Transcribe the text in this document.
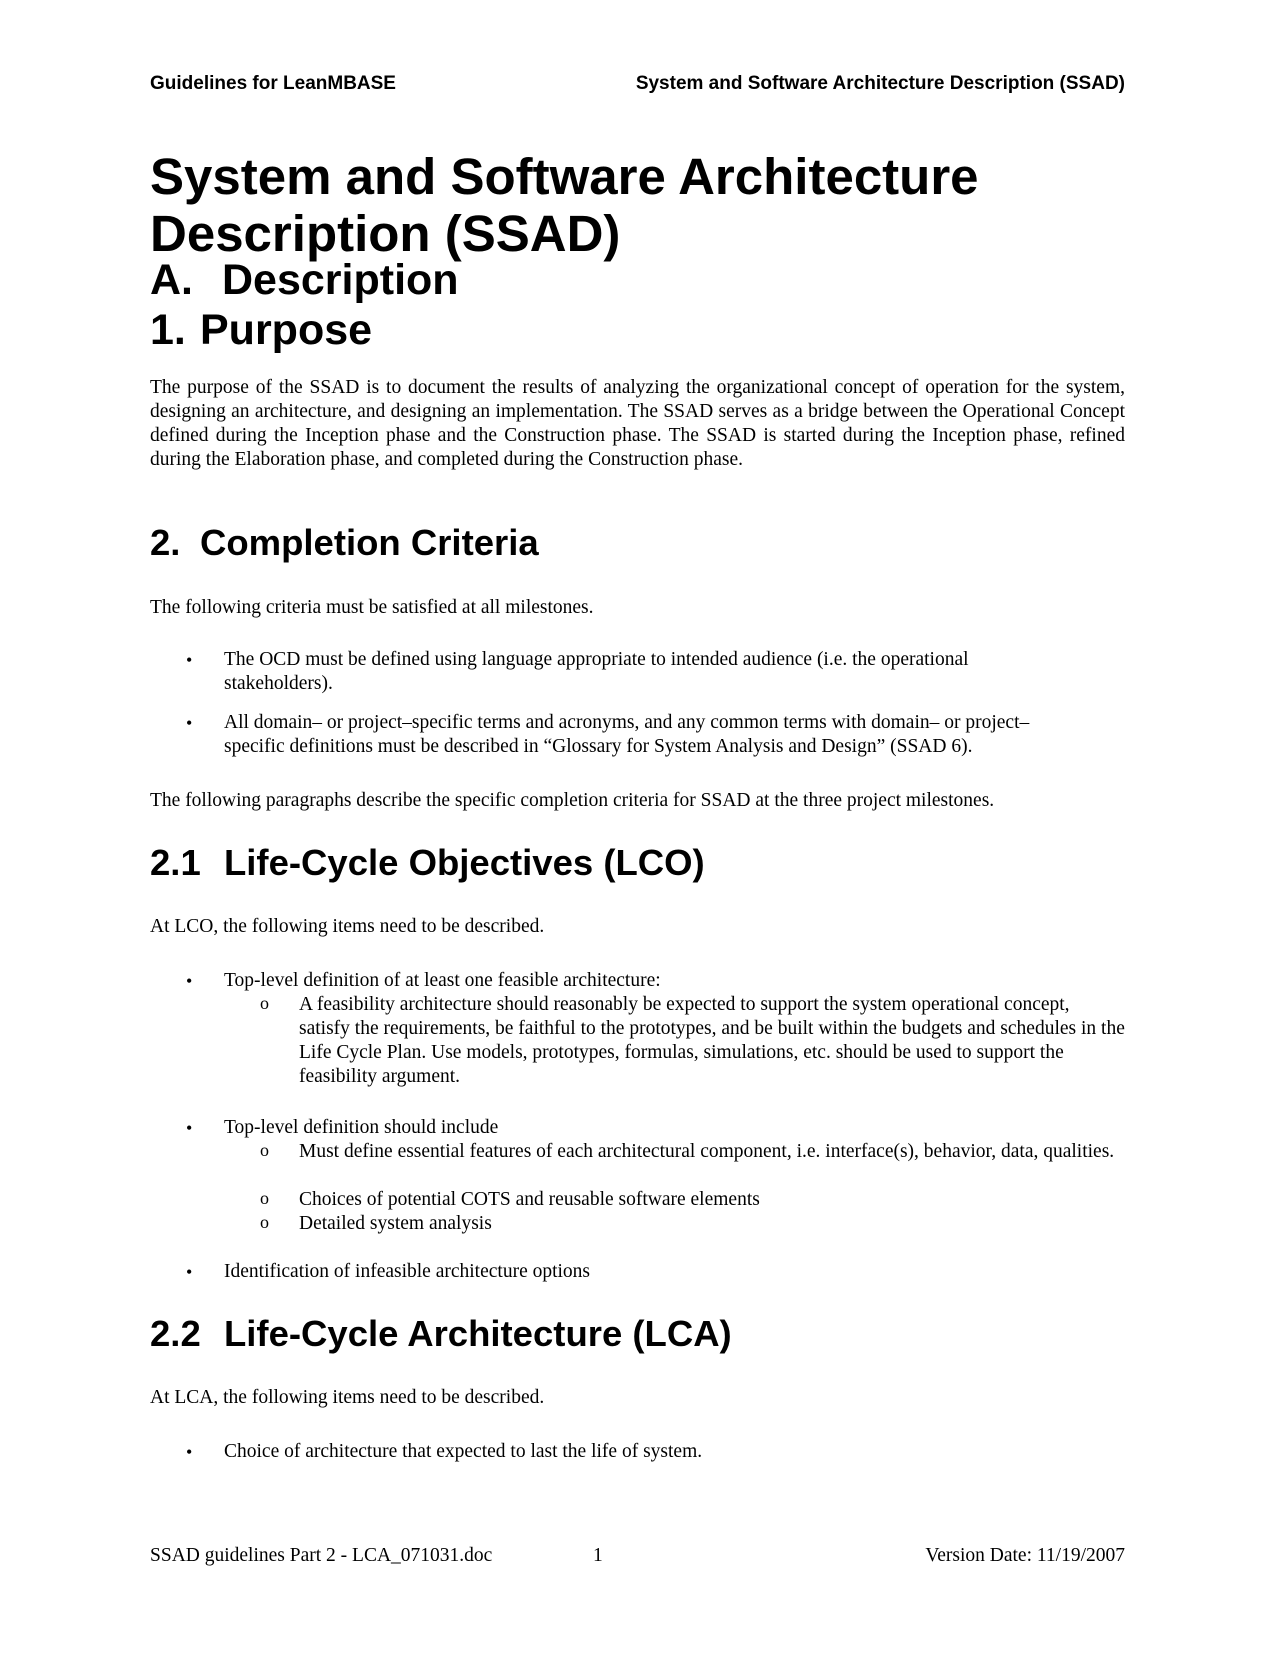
Guidelines for LeanMBASE	System and Software Architecture Description (SSAD)
System and Software Architecture
Description (SSAD)
A. Description
1. Purpose

The purpose of the SSAD is to document the results of analyzing the organizational concept of operation for the system, designing an architecture, and designing an implementation. The SSAD serves as a bridge between the Operational Concept defined during the Inception phase and the Construction phase. The SSAD is started during the Inception phase, refined during the Elaboration phase, and completed during the Construction phase.

2. Completion Criteria

The following criteria must be satisfied at all milestones.

• The OCD must be defined using language appropriate to intended audience (i.e. the operational stakeholders).

• All domain– or project–specific terms and acronyms, and any common terms with domain– or project–specific definitions must be described in “Glossary for System Analysis and Design” (SSAD 6).

The following paragraphs describe the specific completion criteria for SSAD at the three project milestones.

2.1 Life-Cycle Objectives (LCO)

At LCO, the following items need to be described.

• Top-level definition of at least one feasible architecture:

o A feasibility architecture should reasonably be expected to support the system operational concept, satisfy the requirements, be faithful to the prototypes, and be built within the budgets and schedules in the Life Cycle Plan. Use models, prototypes, formulas, simulations, etc. should be used to support the feasibility argument.

• Top-level definition should include

o Must define essential features of each architectural component, i.e. interface(s), behavior, data, qualities.

o Choices of potential COTS and reusable software elements

o Detailed system analysis

• Identification of infeasible architecture options

2.2 Life-Cycle Architecture (LCA)

At LCA, the following items need to be described.

• Choice of architecture that expected to last the life of system.

SSAD guidelines Part 2 - LCA_071031.doc	1	Version Date: 11/19/2007
